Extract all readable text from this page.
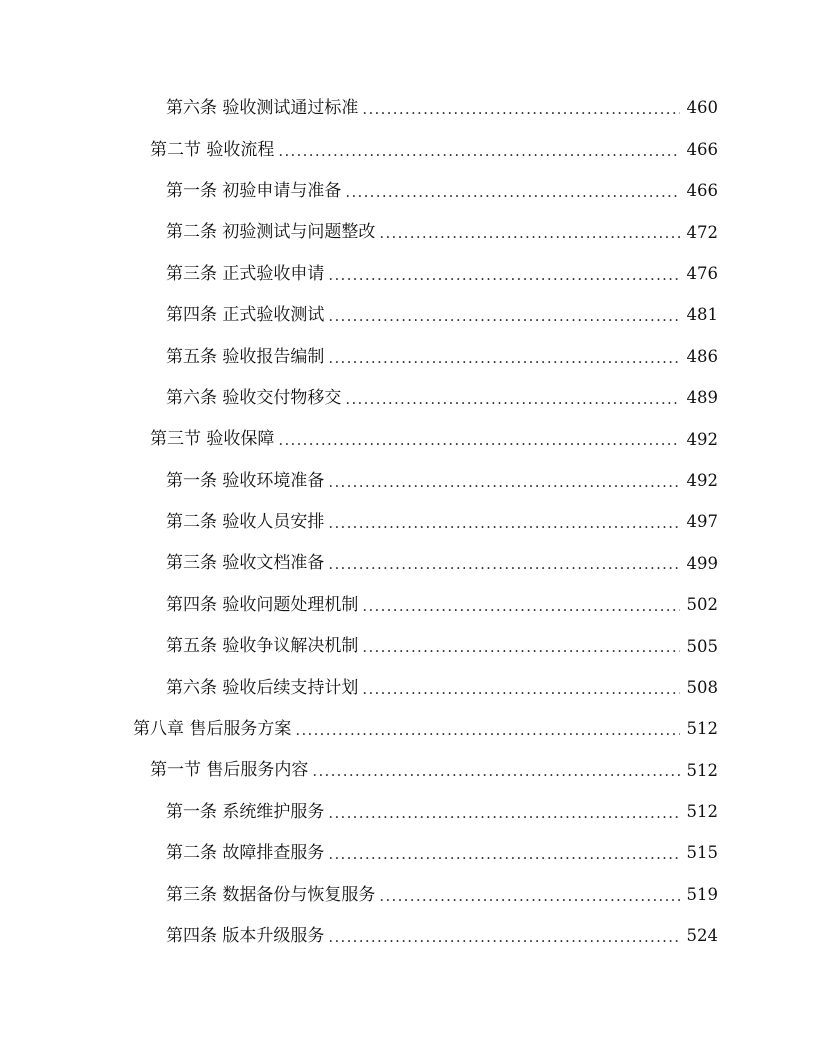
第六条 验收测试通过标准 .....	460
第二节 验收流程 .....	466
第一条 初验申请与准备 .....	466
第二条 初验测试与问题整改 .....	472
第三条 正式验收申请 .....	476
第四条 正式验收测试 .....	481
第五条 验收报告编制 .....	486
第六条 验收交付物移交 .....	489
第三节 验收保障 .....	492
第一条 验收环境准备 .....	492
第二条 验收人员安排 .....	497
第三条 验收文档准备 .....	499
第四条 验收问题处理机制 .....	502
第五条 验收争议解决机制 .....	505
第六条 验收后续支持计划 .....	508
第八章 售后服务方案 .....	512
第一节 售后服务内容 .....	512
第一条 系统维护服务 .....	512
第二条 故障排查服务 .....	515
第三条 数据备份与恢复服务 .....	519
第四条 版本升级服务 .....	524
